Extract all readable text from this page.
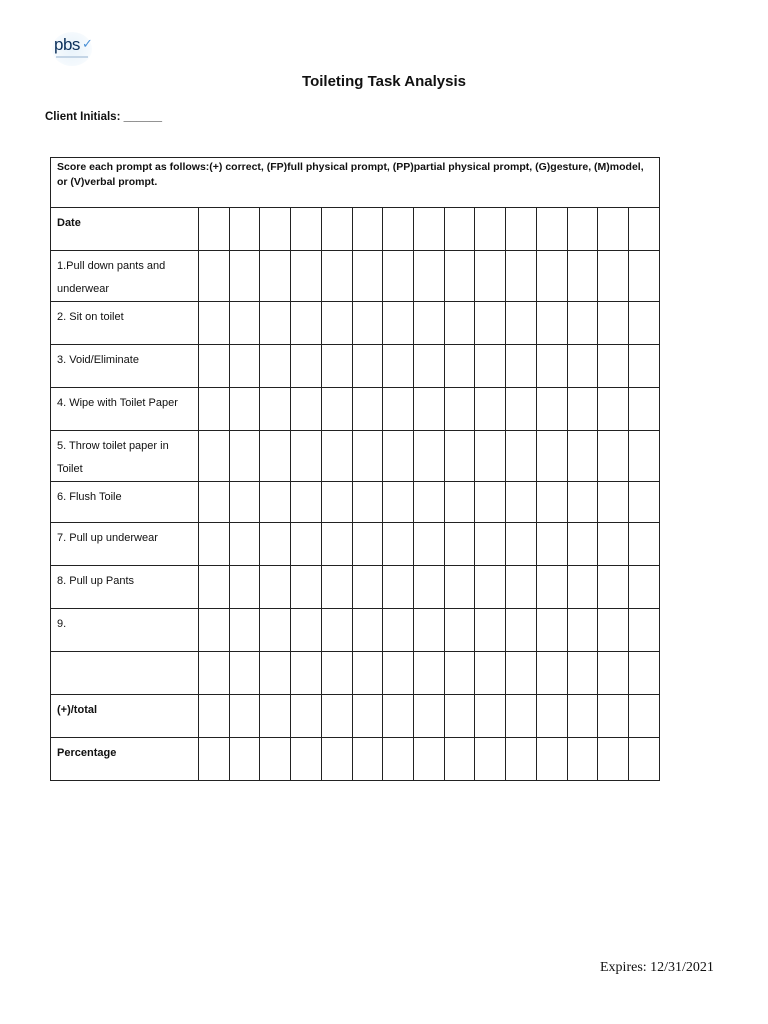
pbs ✓
Toileting Task Analysis
Client Initials: ______
Score each prompt as follows:(+) correct, (FP)full physical prompt, (PP)partial physical prompt, (G)gesture, (M)model, or (V)verbal prompt.															
Date															
1.Pull down pants and underwear															
2. Sit on toilet															
3. Void/Eliminate															
4. Wipe with Toilet Paper															
5. Throw toilet paper in Toilet															
6. Flush Toile															
7. Pull up underwear															
8. Pull up Pants															
9.															

(+)/total															
Percentage															
Expires: 12/31/2021
